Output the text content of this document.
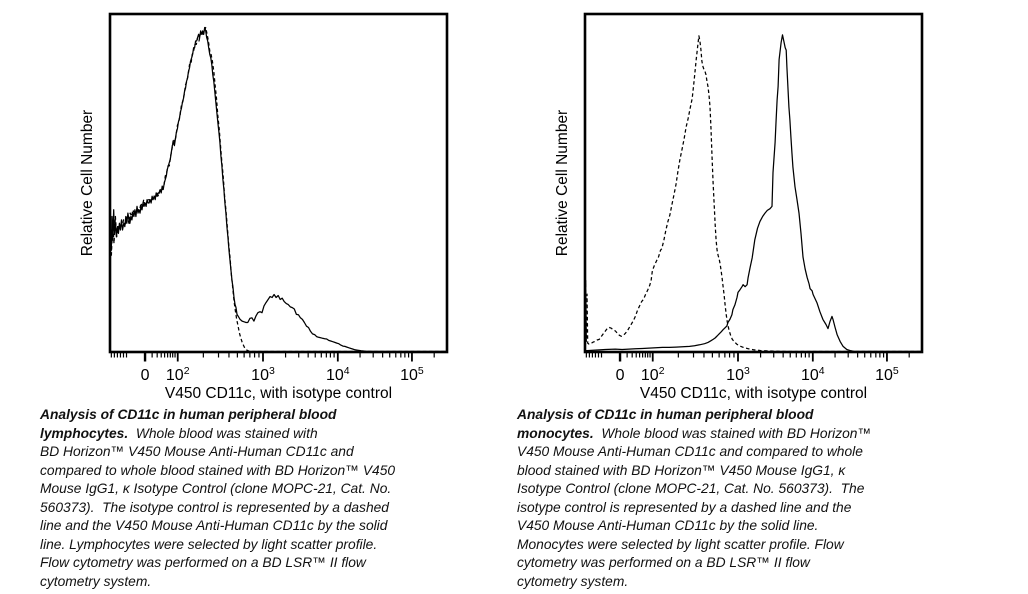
0 $10^2$	$10^3$	$10^4$	$10^5$
V450 CD11c, with isotype control
Relative Cell Number
0 $10^2$	$10^3$	$10^4$	$10^5$
V450 CD11c, with isotype control
Relative Cell Number
Analysis of CD11c in human peripheral blood
lymphocytes.  Whole blood was stained with
BD Horizon™ V450 Mouse Anti-Human CD11c and
compared to whole blood stained with BD Horizon™ V450
Mouse IgG1, κ Isotype Control (clone MOPC-21, Cat. No.
560373).  The isotype control is represented by a dashed
line and the V450 Mouse Anti-Human CD11c by the solid
line. Lymphocytes were selected by light scatter profile.
Flow cytometry was performed on a BD LSR™ II flow
cytometry system.
Analysis of CD11c in human peripheral blood
monocytes.  Whole blood was stained with BD Horizon™
V450 Mouse Anti-Human CD11c and compared to whole
blood stained with BD Horizon™ V450 Mouse IgG1, κ
Isotype Control (clone MOPC-21, Cat. No. 560373).  The
isotype control is represented by a dashed line and the
V450 Mouse Anti-Human CD11c by the solid line.
Monocytes were selected by light scatter profile. Flow
cytometry was performed on a BD LSR™ II flow
cytometry system.
